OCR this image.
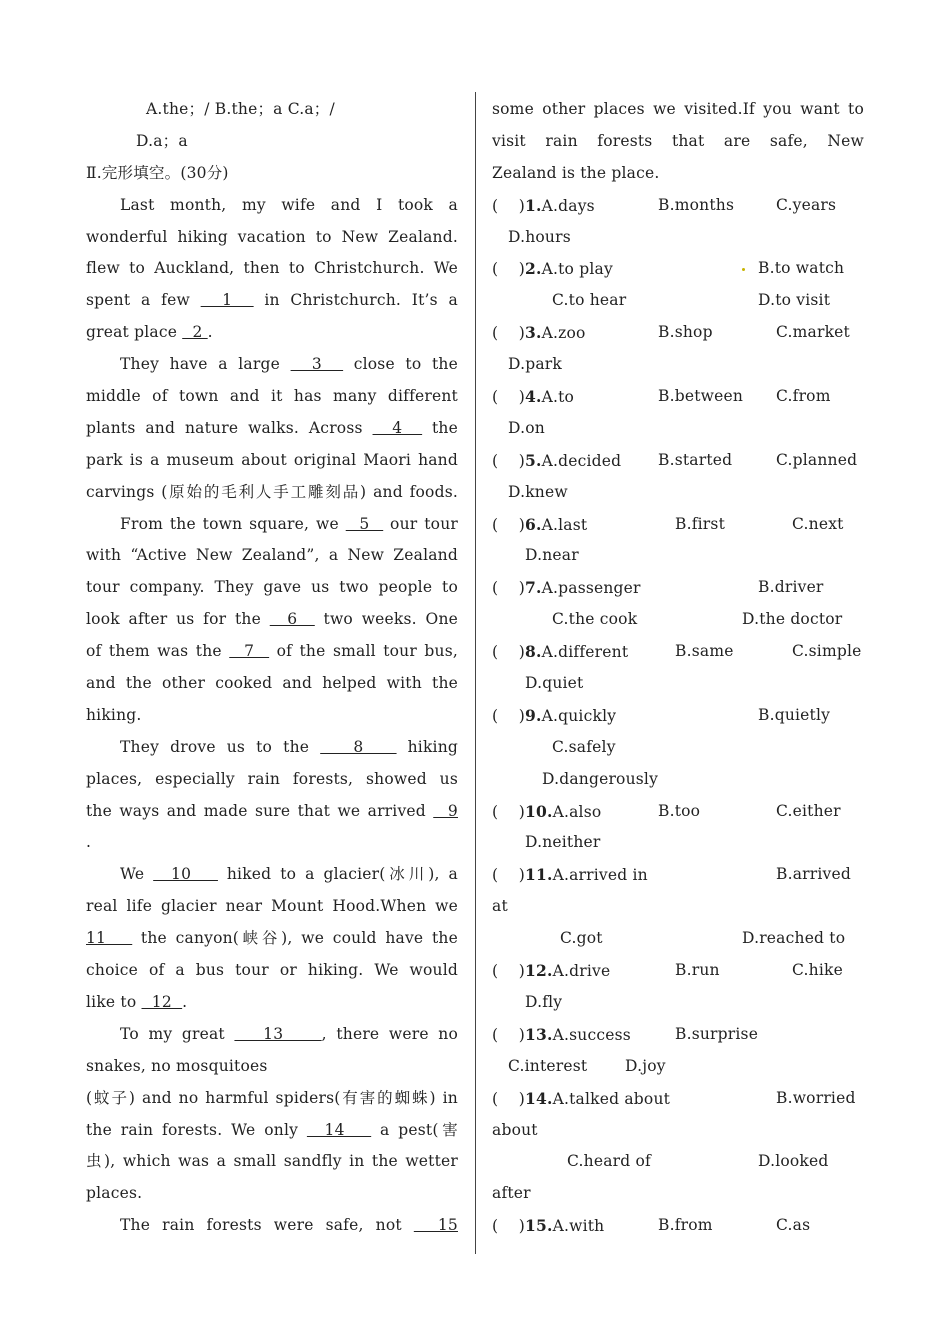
A.the；/ B.the；a C.a；/
D.a；a
Ⅱ.完形填空。(30分)
Last month, my wife and I took a
wonderful hiking vacation to New Zealand.
flew to Auckland, then to Christchurch. We
spent a few   1   in Christchurch. It’s a
great place   2 .
They have a large   3   close to the
middle of town and it has many different
plants and nature walks. Across   4   the
park is a museum about original Maori hand
carvings (原始的毛利人手工雕刻品) and foods.
From the town square, we   5   our tour
with “Active New Zealand”, a New Zealand
tour company. They gave us two people to
look after us for the   6   two weeks. One
of them was the   7   of the small tour bus,
and the other cooked and helped with the
hiking.
They drove us to the    8    hiking
places, especially rain forests, showed us
the ways and made sure that we arrived   9
.
We   10    hiked to a glacier(冰川), a
real life glacier near Mount Hood.When we
11    the canyon(峡谷), we could have the
choice of a bus tour or hiking. We would
like to   12  .
To my great    13    , there were no
snakes, no mosquitoes
(蚊子) and no harmful spiders(有害的蜘蛛) in
the rain forests. We only   14    a pest(害
虫), which was a small sandfly in the wetter
places.
The rain forests were safe, not   15
some other places we visited.If you want to
visit rain forests that are safe, New
Zealand is the place.
(    )1.A.days	B.months	C.years
D.hours
(    )2.A.to play	B.to watch
C.to hear	D.to visit
(    )3.A.zoo	B.shop	C.market
D.park
(    )4.A.to	B.between C.from
D.on
(    )5.A.decided B.started	C.planned
D.knew
(    )6.A.last	B.first	C.next
D.near
(    )7.A.passenger	B.driver
C.the cook	D.the doctor
(    )8.A.different	B.same	C.simple
D.quiet
(    )9.A.quickly	B.quietly
C.safely
D.dangerously
(    )10.A.also	B.too	C.either
D.neither
(    )11.A.arrived in	B.arrived
at
C.got	D.reached to
(    )12.A.drive	B.run	C.hike
D.fly
(    )13.A.success	B.surprise
C.interest D.joy
(    )14.A.talked about	B.worried
about
C.heard of	D.looked
after
(    )15.A.with	B.from	C.as
